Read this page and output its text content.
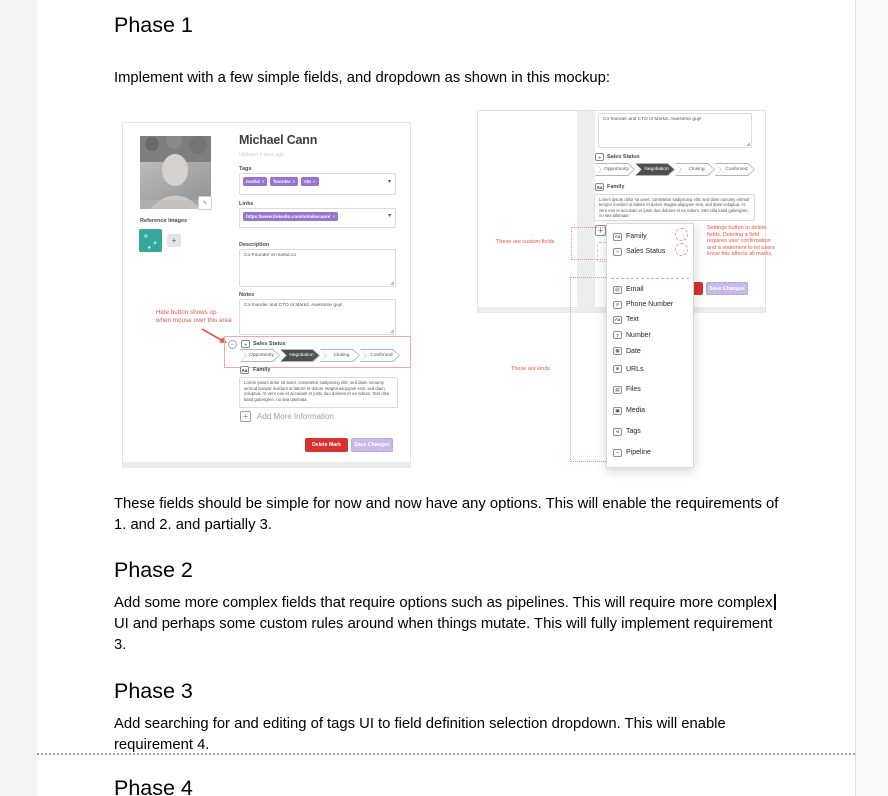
Phase 1
Implement with a few simple fields, and dropdown as shown in this mockup:
✎
Reference Images
+
Michael Cann
Updated 4 days ago
Tags
markd × founder × cto ×	▾
Links
https://www.linkedin.com/in/mikecann/ ×	▾
Description
Co-Founder at markd.co
Notes
Co-founder and CTO of Markd. Awesome guy!
Hide button shows up when mouse over this area
–	»	Sales Status
Opportunity	Negotiation	Closing	Confirmed
Aa Family
Lorem ipsum dolor sit amet, consetetur sadipscing elitr, sed diam nonumy eirmod tempor invidunt ut labore et dolore magna aliquyam erat, sed diam voluptua. At vero eos et accusam et justo duo dolores et ea rebum. Stet clita kasd gubergren, no sea takimata
+	Add More Information
Delete Mark	Save Changes
Co-founder and CTO of Markd. Awesome guy!
»	Sales Status
Opportunity	Negotiation	Closing	Confirmed
Aa Family
Lorem ipsum dolor sit amet, consetetur sadipscing elitr, sed diam nonumy eirmod tempor invidunt ut labore et dolore magna aliquyam erat, sed diam voluptua. At vero eos et accusam et justo duo dolores et ea rebum. Stet clita kasd gubergren, no sea takimata
+
Save Changes
These are custom fields
These are kinds
Aa Family	⋮
»	Sales Status ⋮
@ Email
#	Phone Number
Aa Text
7	Number
▦ Date
⊕ URLs
▤ Files
▣ Media
⊲ Tags
»	Pipeline
Settings button to delete fields. Deleting a field requires user confirmation and a statement to let users know this affects all marks.
These fields should be simple for now and now have any options. This will enable the requirements of
1. and 2. and partially 3.
Phase 2
Add some more complex fields that require options such as pipelines. This will require more complex
UI and perhaps some custom rules around when things mutate. This will fully implement requirement
3.
Phase 3
Add searching for and editing of tags UI to field definition selection dropdown. This will enable
requirement 4.
Phase 4
